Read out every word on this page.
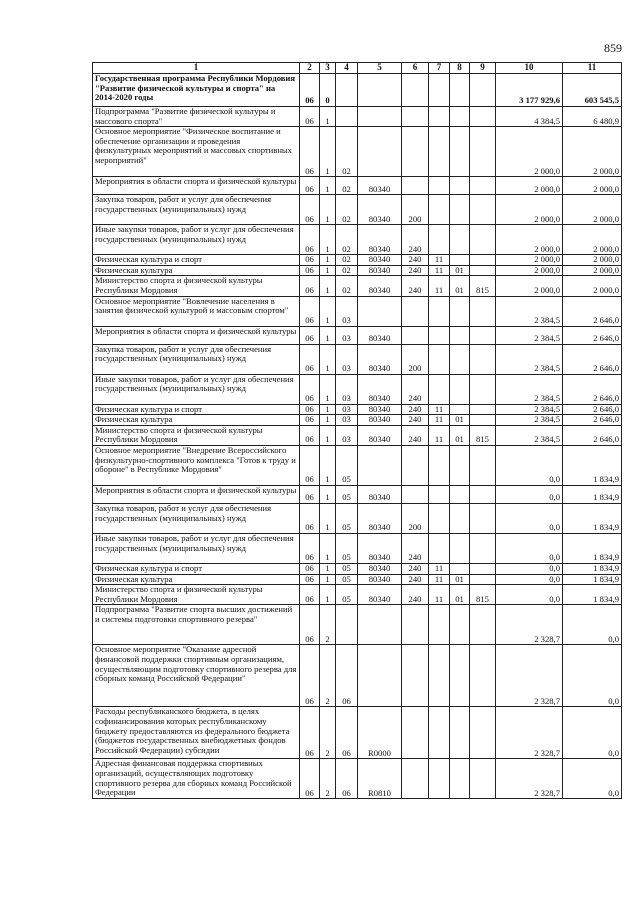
859
1	2	3	4	5	6	7	8	9	10	11
Государственная программа Республики Мордовия "Развитие физической культуры и спорта" на 2014-2020 годы	06	0							3 177 929,6	603 545,5
Подпрограмма "Развитие физической культуры и массового спорта"	06	1							4 384,5	6 480,9
Основное мероприятие "Физическое воспитание и обеспечение организации и проведения физкультурных мероприятий и массовых спортивных мероприятий"	06	1	02						2 000,0	2 000,0
Мероприятия в области спорта и физической культуры	06	1	02	80340					2 000,0	2 000,0
Закупка товаров, работ и услуг для обеспечения государственных (муниципальных) нужд	06	1	02	80340	200				2 000,0	2 000,0
Иные закупки товаров, работ и услуг для обеспечения государственных (муниципальных) нужд	06	1	02	80340	240				2 000,0	2 000,0
Физическая культура и спорт	06	1	02	80340	240	11			2 000,0	2 000,0
Физическая культура	06	1	02	80340	240	11	01		2 000,0	2 000,0
Министерство спорта и физической культуры Республики Мордовия	06	1	02	80340	240	11	01	815	2 000,0	2 000,0
Основное мероприятие "Вовлечение населения в занятия физической культурой и массовым спортом"	06	1	03						2 384,5	2 646,0
Мероприятия в области спорта и физической культуры	06	1	03	80340					2 384,5	2 646,0
Закупка товаров, работ и услуг для обеспечения государственных (муниципальных) нужд	06	1	03	80340	200				2 384,5	2 646,0
Иные закупки товаров, работ и услуг для обеспечения государственных (муниципальных) нужд	06	1	03	80340	240				2 384,5	2 646,0
Физическая культура и спорт	06	1	03	80340	240	11			2 384,5	2 646,0
Физическая культура	06	1	03	80340	240	11	01		2 384,5	2 646,0
Министерство спорта и физической культуры Республики Мордовия	06	1	03	80340	240	11	01	815	2 384,5	2 646,0
Основное мероприятие "Внедрение Всероссийского физкультурно-спортивного комплекса "Готов к труду и обороне" в Республике Мордовия"	06	1	05						0,0	1 834,9
Мероприятия в области спорта и физической культуры	06	1	05	80340					0,0	1 834,9
Закупка товаров, работ и услуг для обеспечения государственных (муниципальных) нужд	06	1	05	80340	200				0,0	1 834,9
Иные закупки товаров, работ и услуг для обеспечения государственных (муниципальных) нужд	06	1	05	80340	240				0,0	1 834,9
Физическая культура и спорт	06	1	05	80340	240	11			0,0	1 834,9
Физическая культура	06	1	05	80340	240	11	01		0,0	1 834,9
Министерство спорта и физической культуры Республики Мордовия	06	1	05	80340	240	11	01	815	0,0	1 834,9
Подпрограмма "Развитие спорта высших достижений и системы подготовки спортивного резерва"	06	2							2 328,7	0,0
Основное мероприятие "Оказание адресной финансовой поддержки спортивным организациям, осуществляющим подготовку спортивного резерва для сборных команд Российской Федерации"	06	2	06						2 328,7	0,0
Расходы республиканского бюджета, в целях софинансирования которых республиканскому бюджету предоставляются из федерального бюджета (бюджетов государственных внебюджетных фондов Российской Федерации) субсидии	06	2	06	R0000					2 328,7	0,0
Адресная финансовая поддержка спортивных организаций, осуществляющих подготовку спортивного резерва для сборных команд Российской Федерации	06	2	06	R0810					2 328,7	0,0
